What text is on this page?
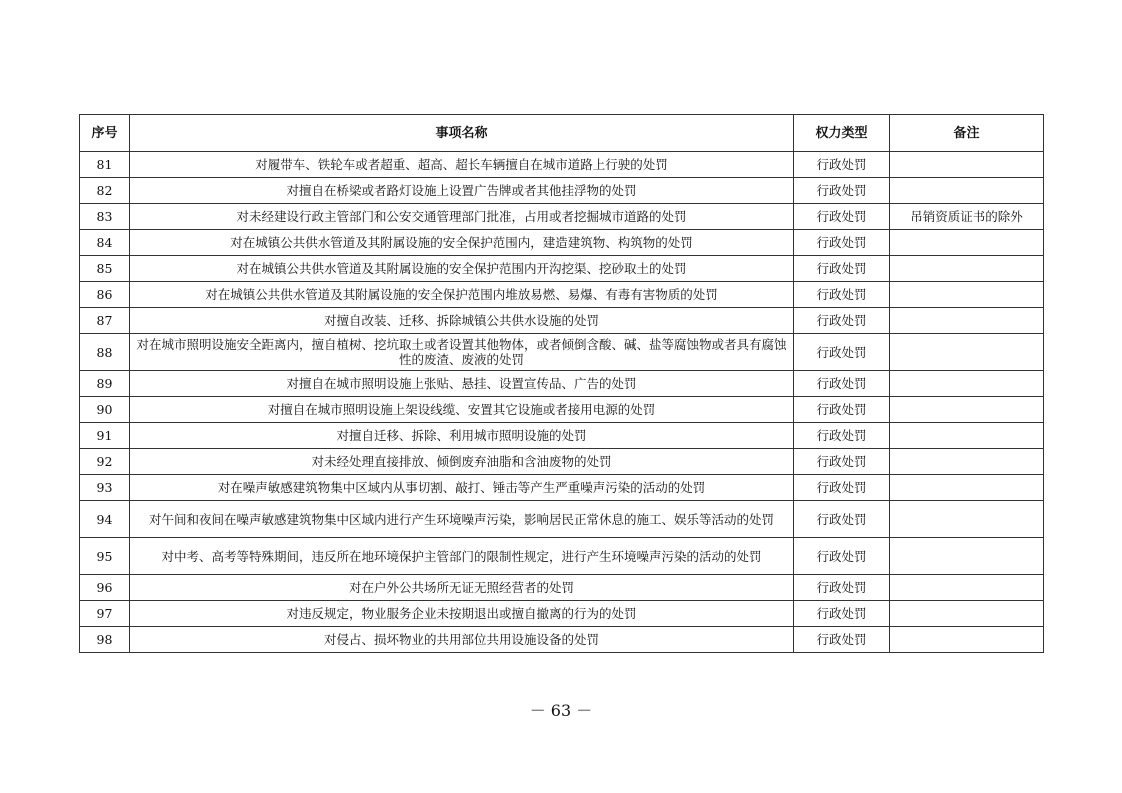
序号	事项名称	权力类型	备注
81	对履带车、铁轮车或者超重、超高、超长车辆擅自在城市道路上行驶的处罚	行政处罚	
82	对擅自在桥梁或者路灯设施上设置广告牌或者其他挂浮物的处罚	行政处罚	
83	对未经建设行政主管部门和公安交通管理部门批准，占用或者挖掘城市道路的处罚	行政处罚	吊销资质证书的除外
84	对在城镇公共供水管道及其附属设施的安全保护范围内，建造建筑物、构筑物的处罚	行政处罚	
85	对在城镇公共供水管道及其附属设施的安全保护范围内开沟挖渠、挖砂取土的处罚	行政处罚	
86	对在城镇公共供水管道及其附属设施的安全保护范围内堆放易燃、易爆、有毒有害物质的处罚	行政处罚	
87	对擅自改装、迁移、拆除城镇公共供水设施的处罚	行政处罚	
88	对在城市照明设施安全距离内，擅自植树、挖坑取土或者设置其他物体，或者倾倒含酸、碱、盐等腐蚀物或者具有腐蚀性的废渣、废液的处罚	行政处罚	
89	对擅自在城市照明设施上张贴、悬挂、设置宣传品、广告的处罚	行政处罚	
90	对擅自在城市照明设施上架设线缆、安置其它设施或者接用电源的处罚	行政处罚	
91	对擅自迁移、拆除、利用城市照明设施的处罚	行政处罚	
92	对未经处理直接排放、倾倒废弃油脂和含油废物的处罚	行政处罚	
93	对在噪声敏感建筑物集中区域内从事切割、敲打、锤击等产生严重噪声污染的活动的处罚	行政处罚	
94	对午间和夜间在噪声敏感建筑物集中区域内进行产生环境噪声污染，影响居民正常休息的施工、娱乐等活动的处罚	行政处罚	
95	对中考、高考等特殊期间，违反所在地环境保护主管部门的限制性规定，进行产生环境噪声污染的活动的处罚	行政处罚	
96	对在户外公共场所无证无照经营者的处罚	行政处罚	
97	对违反规定，物业服务企业未按期退出或擅自撤离的行为的处罚	行政处罚	
98	对侵占、损坏物业的共用部位共用设施设备的处罚	行政处罚	
－ 63 －
